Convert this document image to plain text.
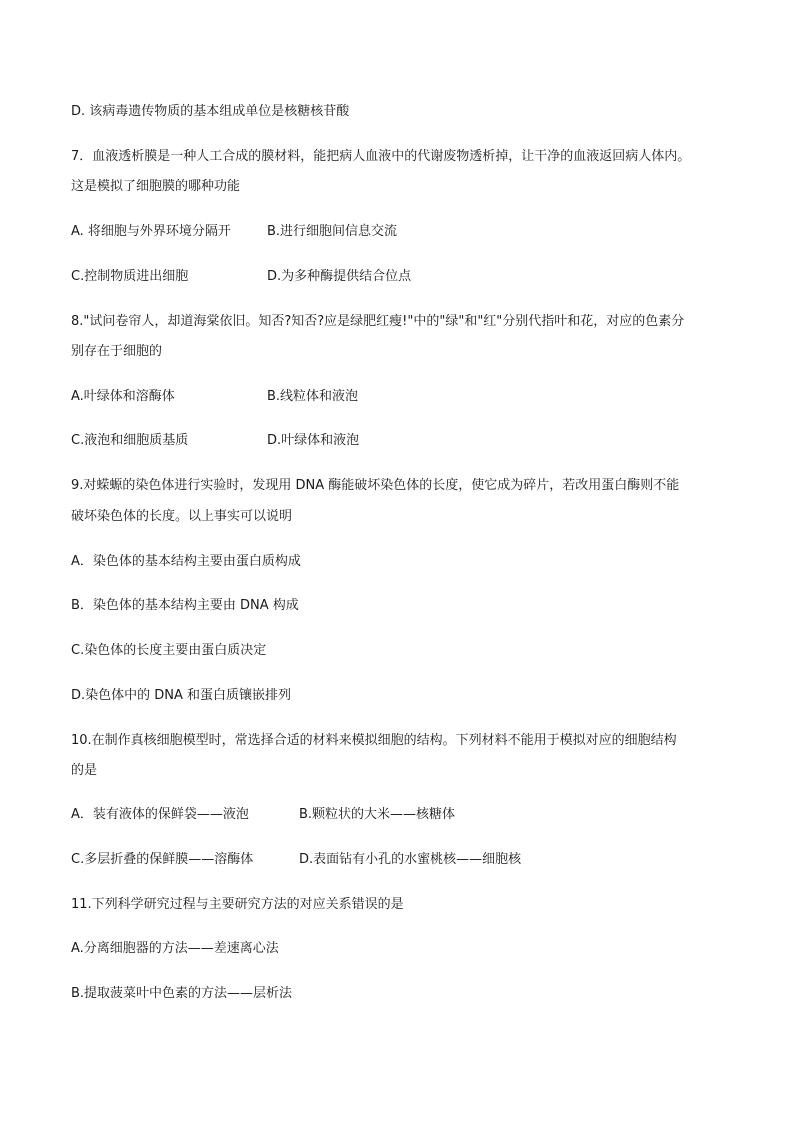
D. 该病毒遗传物质的基本组成单位是核糖核苷酸
7．血液透析膜是一种人工合成的膜材料，能把病人血液中的代谢废物透析掉，让干净的血液返回病人体内。
这是模拟了细胞膜的哪种功能
A. 将细胞与外界环境分隔开	B.进行细胞间信息交流
C.控制物质进出细胞	D.为多种酶提供结合位点
8."试问卷帘人，却道海棠依旧。知否?知否?应是绿肥红瘦!"中的"绿"和"红"分别代指叶和花，对应的色素分
别存在于细胞的
A.叶绿体和溶酶体	B.线粒体和液泡
C.液泡和细胞质基质	D.叶绿体和液泡
9.对蝾螈的染色体进行实验时，发现用 DNA 酶能破坏染色体的长度，使它成为碎片，若改用蛋白酶则不能
破坏染色体的长度。以上事实可以说明
A．染色体的基本结构主要由蛋白质构成
B．染色体的基本结构主要由 DNA 构成
C.染色体的长度主要由蛋白质决定
D.染色体中的 DNA 和蛋白质镶嵌排列
10.在制作真核细胞模型时，常选择合适的材料来模拟细胞的结构。下列材料不能用于模拟对应的细胞结构
的是
A．装有液体的保鲜袋——液泡	B.颗粒状的大米——核糖体
C.多层折叠的保鲜膜——溶酶体	D.表面钻有小孔的水蜜桃核——细胞核
11.下列科学研究过程与主要研究方法的对应关系错误的是
A.分离细胞器的方法——差速离心法
B.提取菠菜叶中色素的方法——层析法
